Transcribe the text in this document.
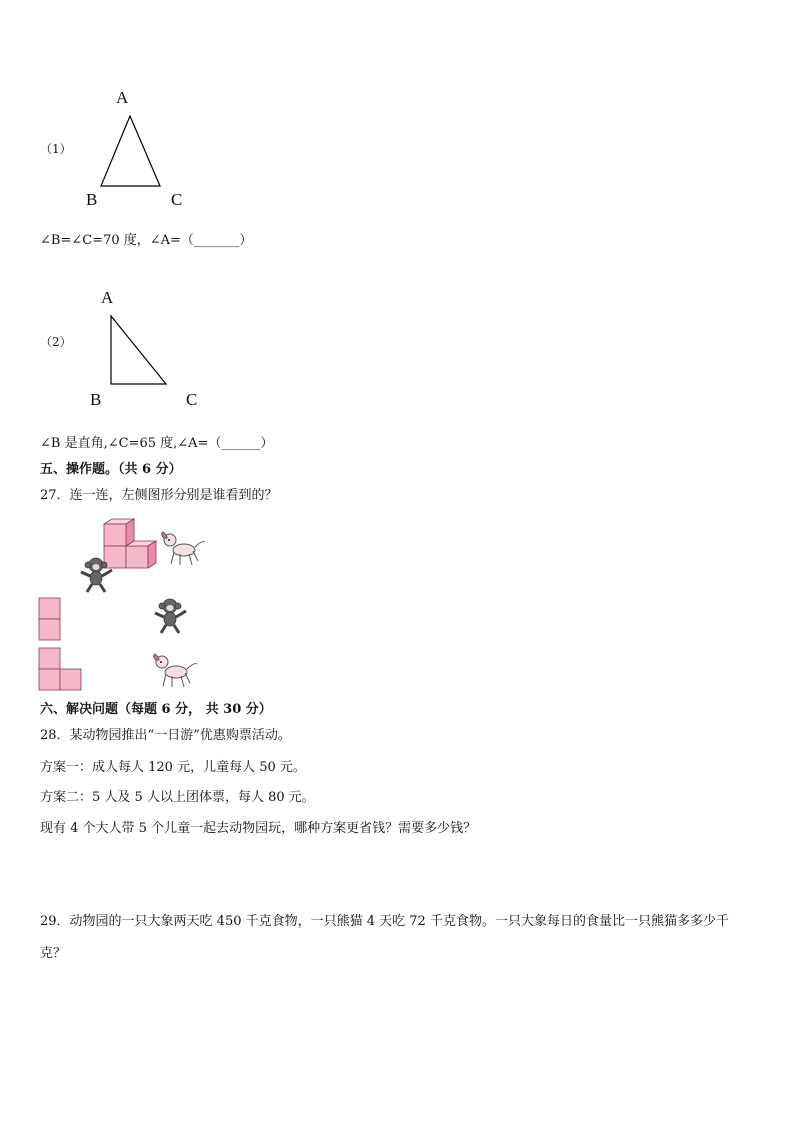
A
（1）
B	C
∠B=∠C=70 度，∠A=（_______）
A
（2）
B	C
∠B 是直角,∠C=65 度,∠A=（______）
五、操作题。（共 6 分）
27．连一连，左侧图形分别是谁看到的？
六、解决问题（每题 6 分， 共 30 分）
28．某动物园推出“一日游”优惠购票活动。
方案一：成人每人 120 元，儿童每人 50 元。
方案二：5 人及 5 人以上团体票，每人 80 元。
现有 4 个大人带 5 个儿童一起去动物园玩，哪种方案更省钱？需要多少钱？
29．动物园的一只大象两天吃 450 千克食物，一只熊猫 4 天吃 72 千克食物。一只大象每日的食量比一只熊猫多多少千
克？
